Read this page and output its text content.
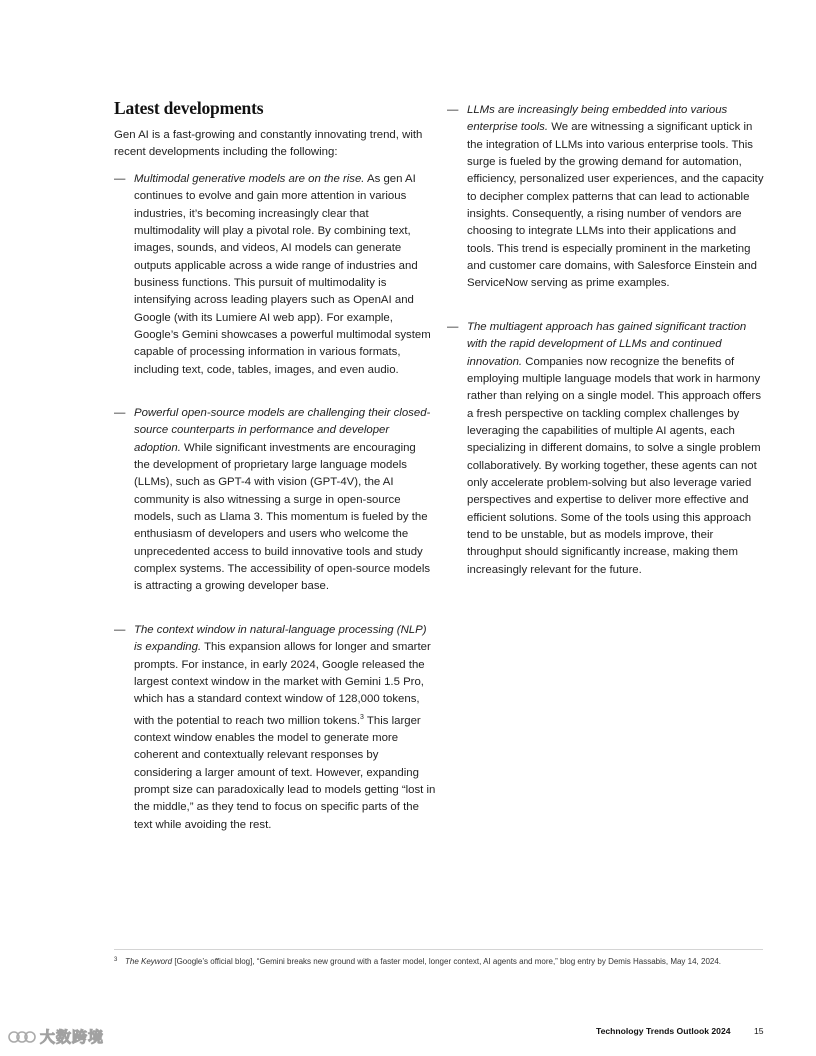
Latest developments

Gen AI is a fast-growing and constantly innovating trend, with recent developments including the following:

— Multimodal generative models are on the rise. As gen AI continues to evolve and gain more attention in various industries, it’s becoming increasingly clear that multimodality will play a pivotal role. By combining text, images, sounds, and videos, AI models can generate outputs applicable across a wide range of industries and business functions. This pursuit of multimodality is intensifying across leading players such as OpenAI and Google (with its Lumiere AI web app). For example, Google’s Gemini showcases a powerful multimodal system capable of processing information in various formats, including text, code, tables, images, and even audio.
— Powerful open-source models are challenging their closed-source counterparts in performance and developer adoption. While significant investments are encouraging the development of proprietary large language models (LLMs), such as GPT-4 with vision (GPT-4V), the AI community is also witnessing a surge in open-source models, such as Llama 3. This momentum is fueled by the enthusiasm of developers and users who welcome the unprecedented access to build innovative tools and study complex systems. The accessibility of open-source models is attracting a growing developer base.
— The context window in natural-language processing (NLP) is expanding. This expansion allows for longer and smarter prompts. For instance, in early 2024, Google released the largest context window in the market with Gemini 1.5 Pro, which has a standard context window of 128,000 tokens, with the potential to reach two million tokens.$^3$ This larger context window enables the model to generate more coherent and contextually relevant responses by considering a larger amount of text. However, expanding prompt size can paradoxically lead to models getting “lost in the middle,” as they tend to focus on specific parts of the text while avoiding the rest.
— LLMs are increasingly being embedded into various enterprise tools. We are witnessing a significant uptick in the integration of LLMs into various enterprise tools. This surge is fueled by the growing demand for automation, efficiency, personalized user experiences, and the capacity to decipher complex patterns that can lead to actionable insights. Consequently, a rising number of vendors are choosing to integrate LLMs into their applications and tools. This trend is especially prominent in the marketing and customer care domains, with Salesforce Einstein and ServiceNow serving as prime examples.
— The multiagent approach has gained significant traction with the rapid development of LLMs and continued innovation. Companies now recognize the benefits of employing multiple language models that work in harmony rather than relying on a single model. This approach offers a fresh perspective on tackling complex challenges by leveraging the capabilities of multiple AI agents, each specializing in different domains, to solve a single problem collaboratively. By working together, these agents can not only accelerate problem-solving but also leverage varied perspectives and expertise to deliver more effective and efficient solutions. Some of the tools using this approach tend to be unstable, but as models improve, their throughput should significantly increase, making them increasingly relevant for the future.
3 The Keyword [Google’s official blog], “Gemini breaks new ground with a faster model, longer context, AI agents and more,” blog entry by Demis Hassabis, May 14, 2024.
大数跨境	Technology Trends Outlook 2024	15
